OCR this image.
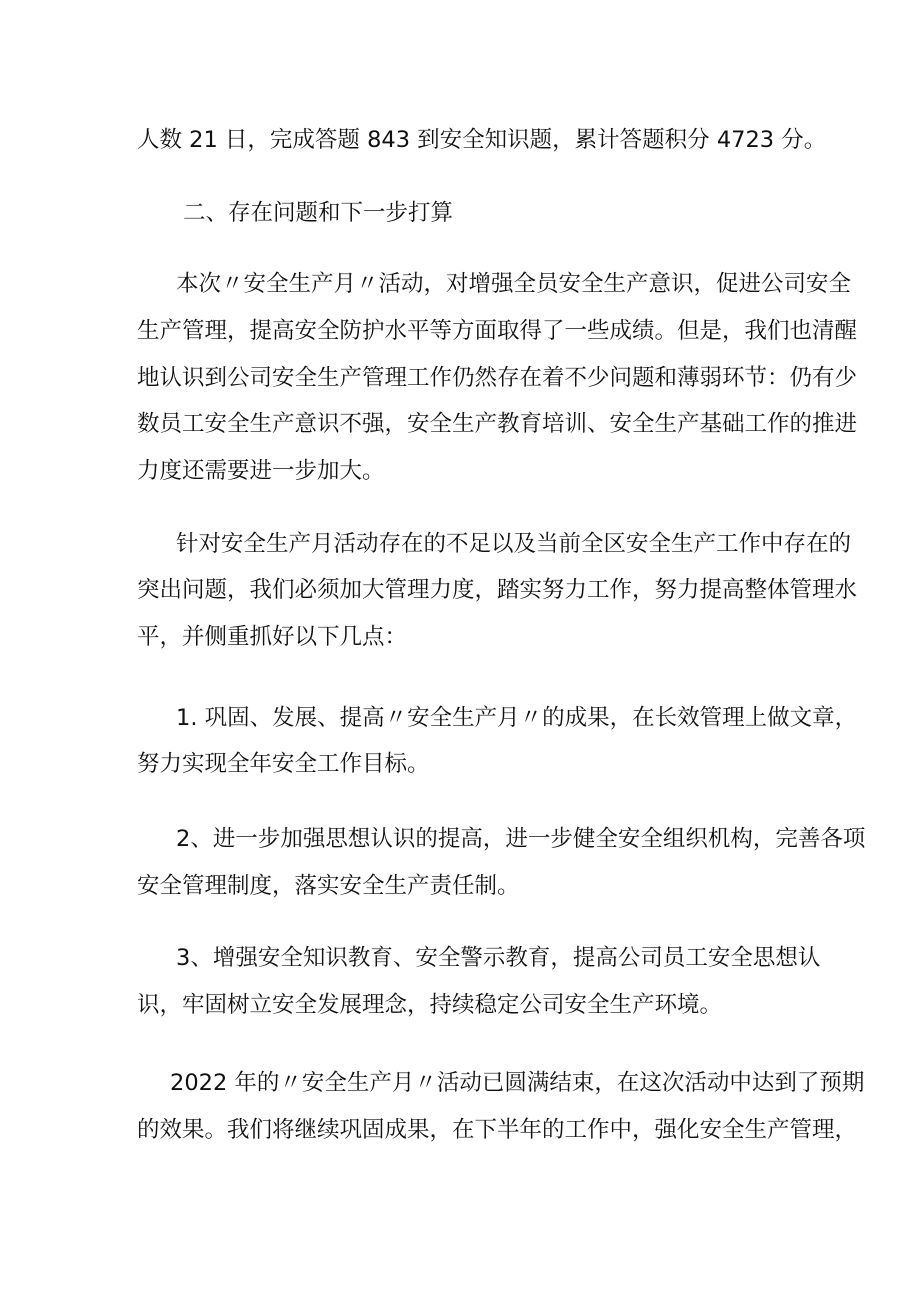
人数 21 日，完成答题 843 到安全知识题，累计答题积分 4723 分。
二、存在问题和下一步打算
本次〃安全生产月〃活动，对增强全员安全生产意识，促进公司安全
生产管理，提高安全防护水平等方面取得了一些成绩。但是，我们也清醒
地认识到公司安全生产管理工作仍然存在着不少问题和薄弱环节：仍有少
数员工安全生产意识不强，安全生产教育培训、安全生产基础工作的推进
力度还需要进一步加大。
针对安全生产月活动存在的不足以及当前全区安全生产工作中存在的
突出问题，我们必须加大管理力度，踏实努力工作，努力提高整体管理水
平，并侧重抓好以下几点：
1. 巩固、发展、提高〃安全生产月〃的成果，在长效管理上做文章，
努力实现全年安全工作目标。
2、进一步加强思想认识的提高，进一步健全安全组织机构，完善各项
安全管理制度，落实安全生产责任制。
3、增强安全知识教育、安全警示教育，提高公司员工安全思想认
识，牢固树立安全发展理念，持续稳定公司安全生产环境。
2022 年的〃安全生产月〃活动已圆满结束，在这次活动中达到了预期
的效果。我们将继续巩固成果，在下半年的工作中，强化安全生产管理，
